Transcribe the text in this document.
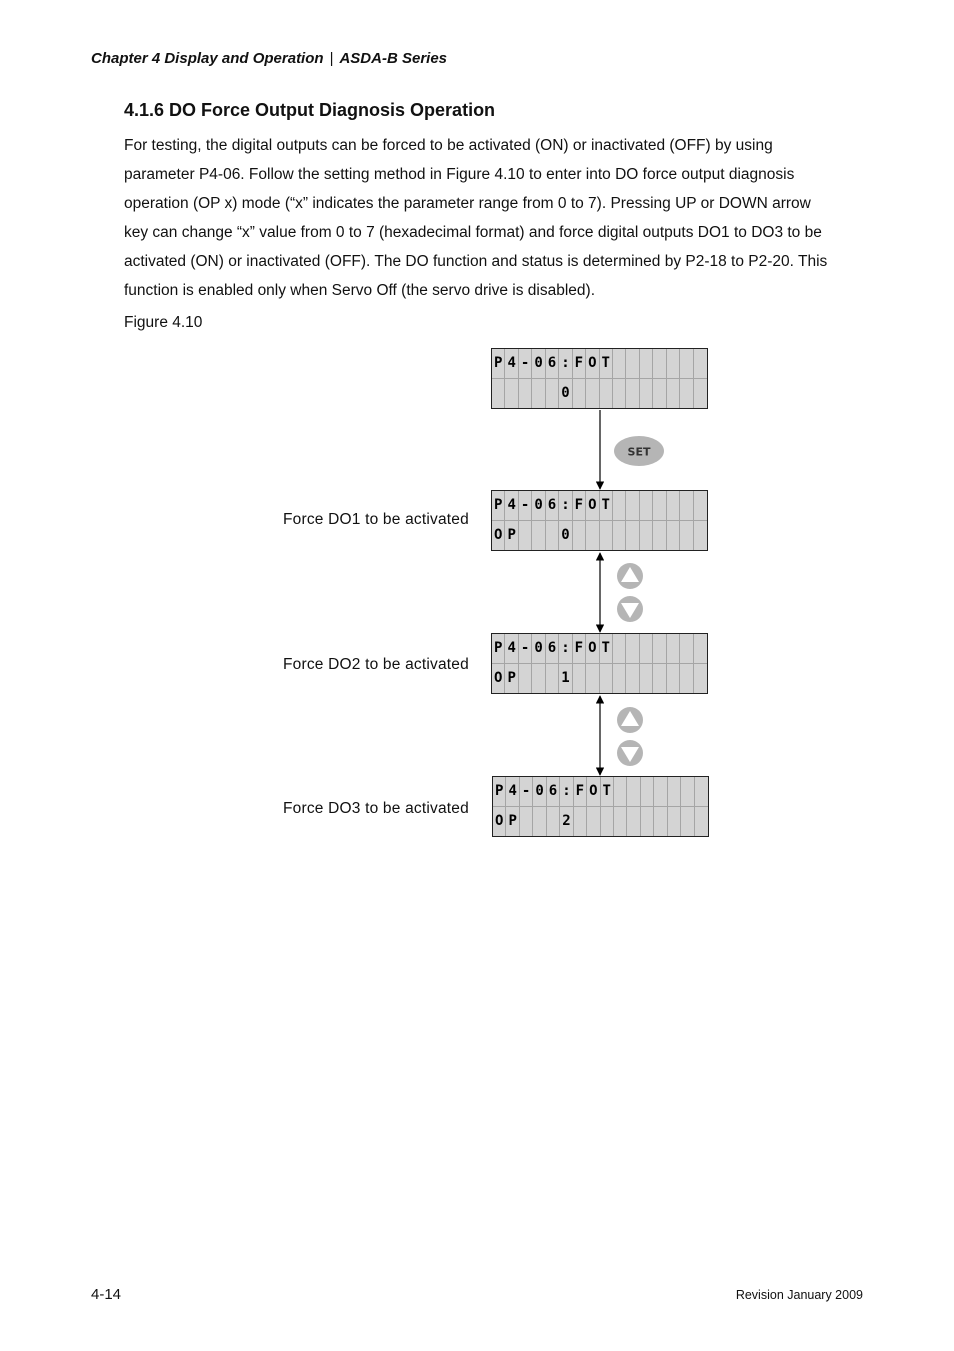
Chapter 4 Display and Operation | ASDA-B Series
4.1.6 DO Force Output Diagnosis Operation

For testing, the digital outputs can be forced to be activated (ON) or inactivated (OFF) by using
parameter P4-06. Follow the setting method in Figure 4.10 to enter into DO force output diagnosis
operation (OP x) mode (“x” indicates the parameter range from 0 to 7). Pressing UP or DOWN arrow
key can change “x” value from 0 to 7 (hexadecimal format) and force digital outputs DO1 to DO3 to be
activated (ON) or inactivated (OFF). The DO function and status is determined by P2-18 to P2-20. This
function is enabled only when Servo Off (the servo drive is disabled).

Figure 4.10
SET
P 4 - 0 6 : F O T
0
P 4 - 0 6 : F O T
O P	0
P 4 - 0 6 : F O T
O P	1
P 4 - 0 6 : F O T
O P	2
Force DO1 to be activated
Force DO2 to be activated
Force DO3 to be activated
4-14	Revision January 2009
